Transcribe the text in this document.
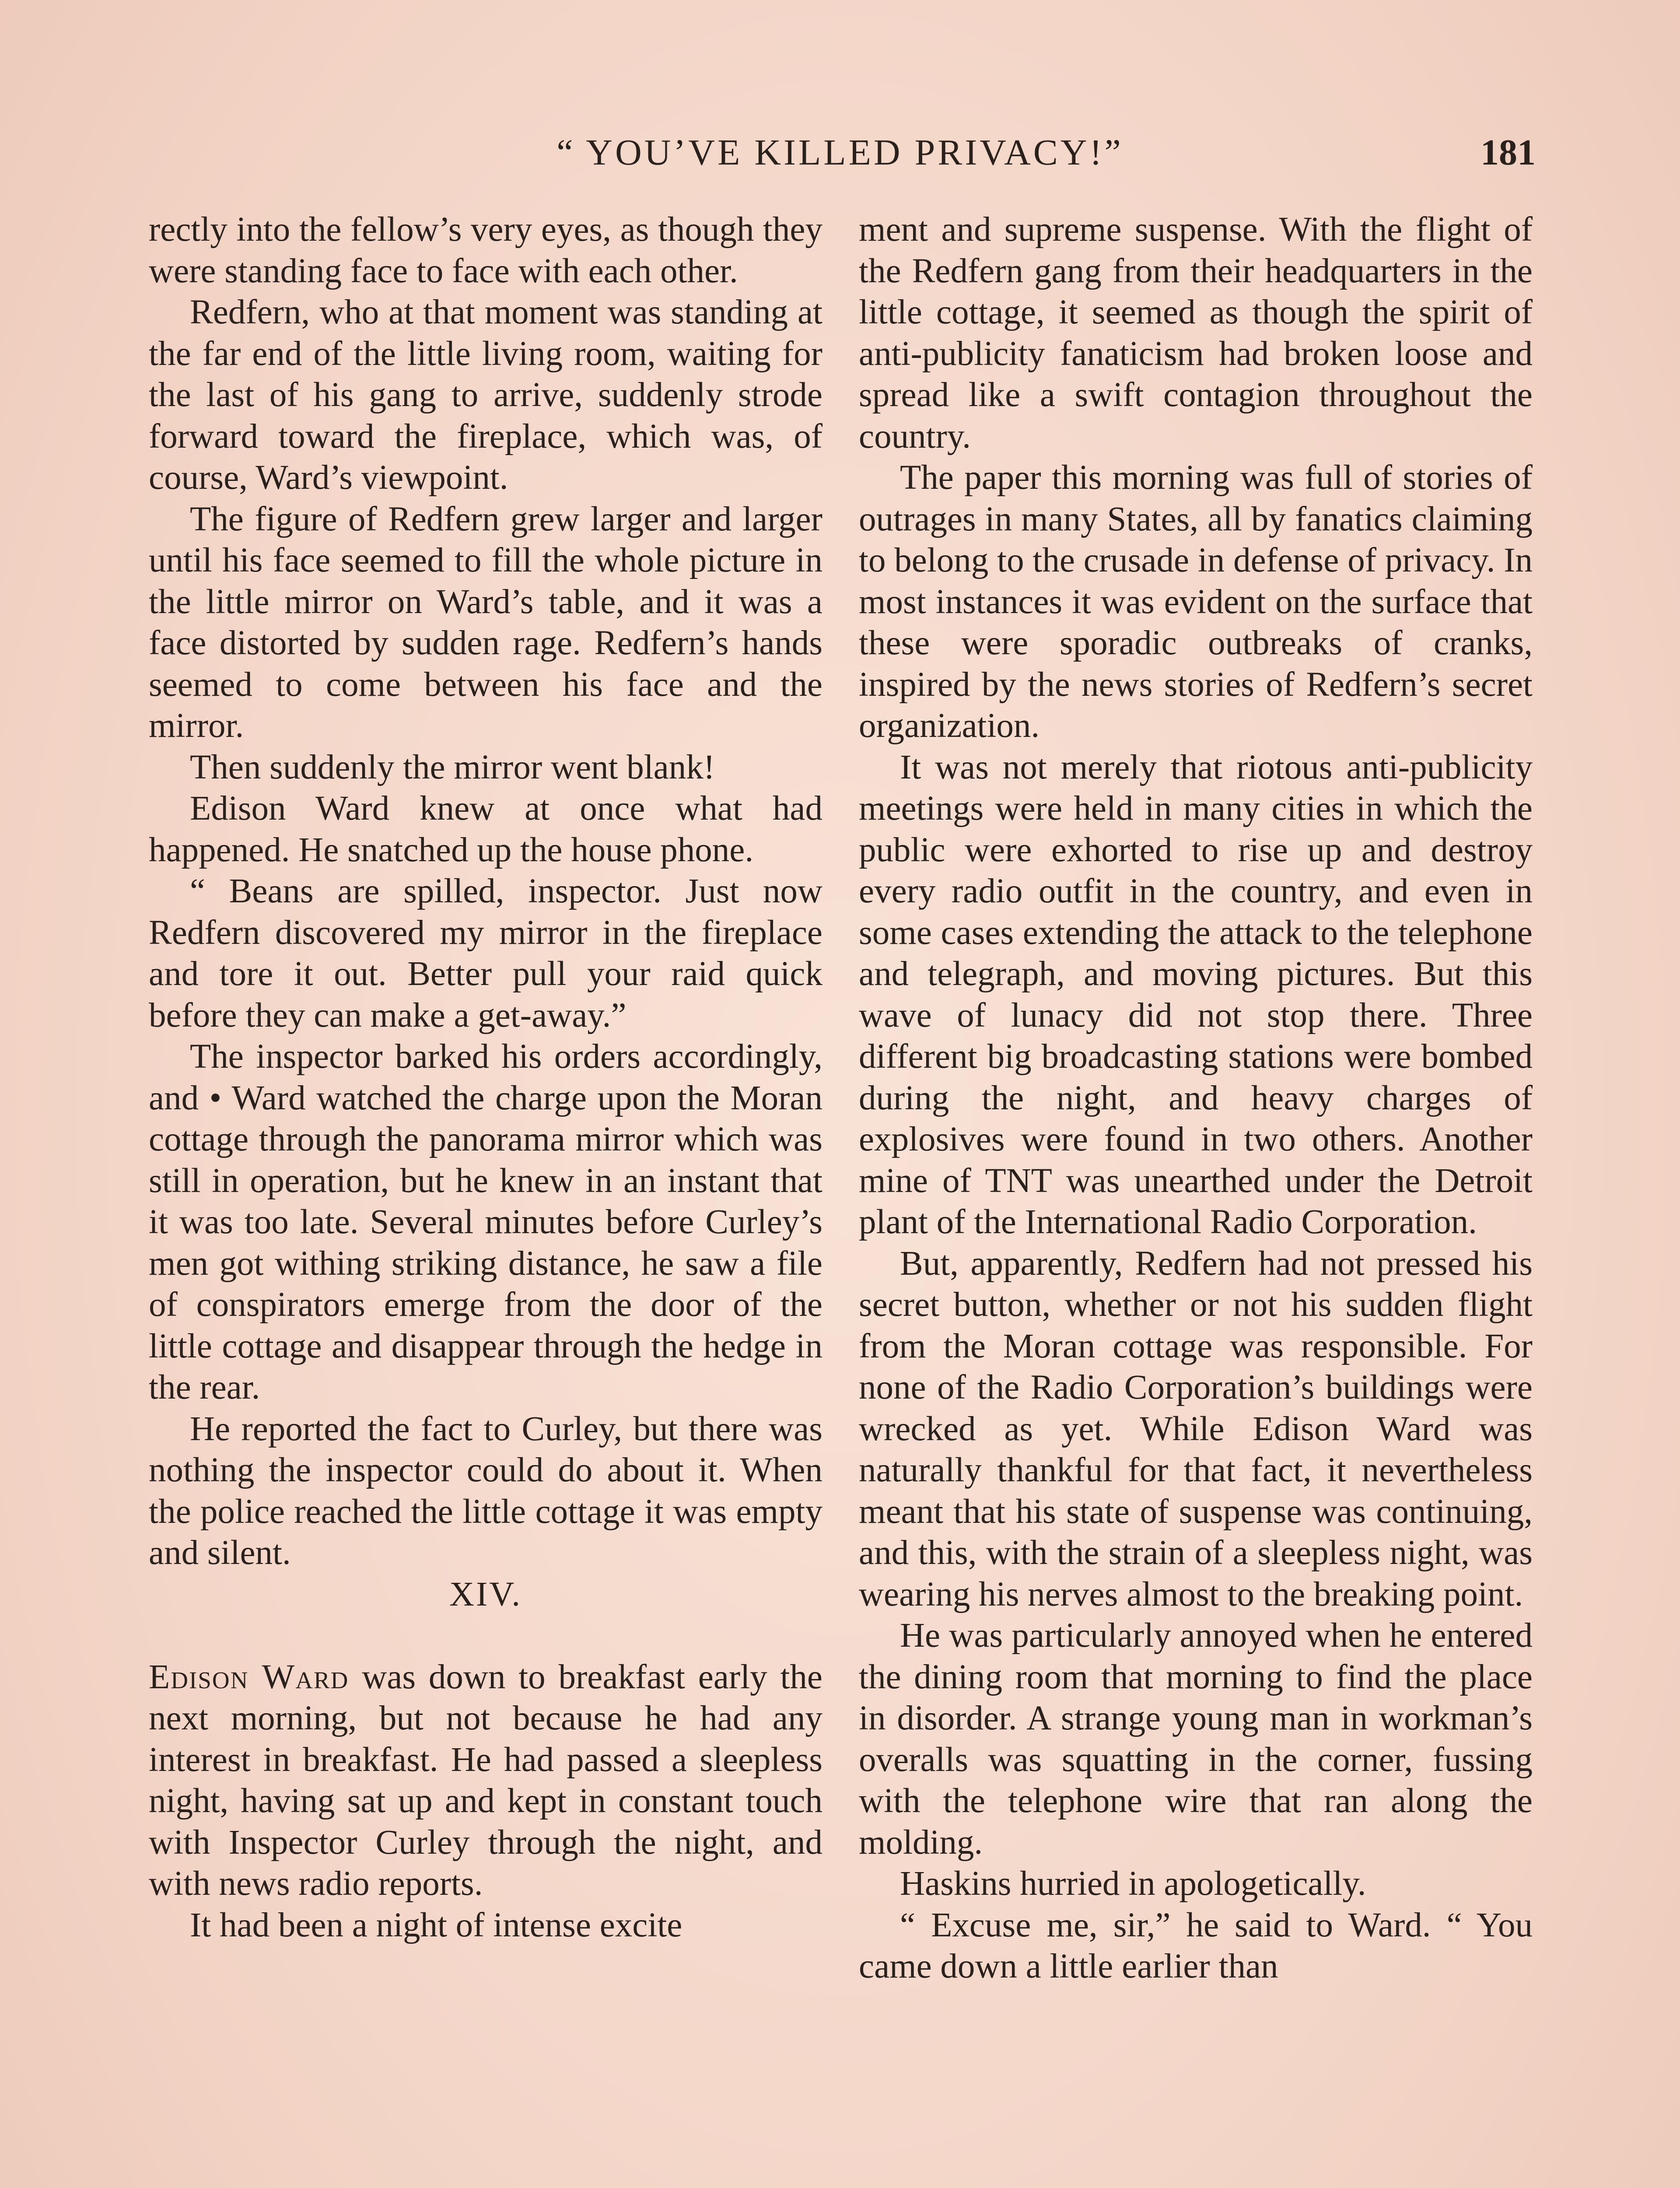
“ YOU’VE KILLED PRIVACY!”	181

rectly into the fellow’s very eyes, as though they were standing face to face with each other.

Redfern, who at that moment was standing at the far end of the little living room, waiting for the last of his gang to arrive, suddenly strode forward toward the fireplace, which was, of course, Ward’s viewpoint.

The figure of Redfern grew larger and larger until his face seemed to fill the whole picture in the little mirror on Ward’s table, and it was a face distorted by sudden rage. Redfern’s hands seemed to come between his face and the mirror.

Then suddenly the mirror went blank!

Edison Ward knew at once what had happened. He snatched up the house phone.

“ Beans are spilled, inspector. Just now Redfern discovered my mirror in the fireplace and tore it out. Better pull your raid quick before they can make a get-away.”

The inspector barked his orders accordingly, and • Ward watched the charge upon the Moran cottage through the panorama mirror which was still in operation, but he knew in an instant that it was too late. Several minutes before Curley’s men got withing striking distance, he saw a file of conspirators emerge from the door of the little cottage and disappear through the hedge in the rear.

He reported the fact to Curley, but there was nothing the inspector could do about it. When the police reached the little cottage it was empty and silent.

XIV.

Edison Ward was down to breakfast early the next morning, but not because he had any interest in breakfast. He had passed a sleepless night, having sat up and kept in constant touch with Inspector Curley through the night, and with news radio reports.

It had been a night of intense excite

ment and supreme suspense. With the flight of the Redfern gang from their headquarters in the little cottage, it seemed as though the spirit of anti-publicity fanaticism had broken loose and spread like a swift contagion throughout the country.

The paper this morning was full of stories of outrages in many States, all by fanatics claiming to belong to the crusade in defense of privacy. In most instances it was evident on the surface that these were sporadic outbreaks of cranks, inspired by the news stories of Redfern’s secret organization.

It was not merely that riotous anti-publicity meetings were held in many cities in which the public were exhorted to rise up and destroy every radio outfit in the country, and even in some cases extending the attack to the telephone and telegraph, and moving pictures. But this wave of lunacy did not stop there. Three different big broadcasting stations were bombed during the night, and heavy charges of explosives were found in two others. Another mine of TNT was unearthed under the Detroit plant of the International Radio Corporation.

But, apparently, Redfern had not pressed his secret button, whether or not his sudden flight from the Moran cottage was responsible. For none of the Radio Corporation’s buildings were wrecked as yet. While Edison Ward was naturally thankful for that fact, it nevertheless meant that his state of suspense was continuing, and this, with the strain of a sleepless night, was wearing his nerves almost to the breaking point.

He was particularly annoyed when he entered the dining room that morning to find the place in disorder. A strange young man in workman’s overalls was squatting in the corner, fussing with the telephone wire that ran along the molding.

Haskins hurried in apologetically.

“ Excuse me, sir,” he said to Ward. “ You came down a little earlier than
